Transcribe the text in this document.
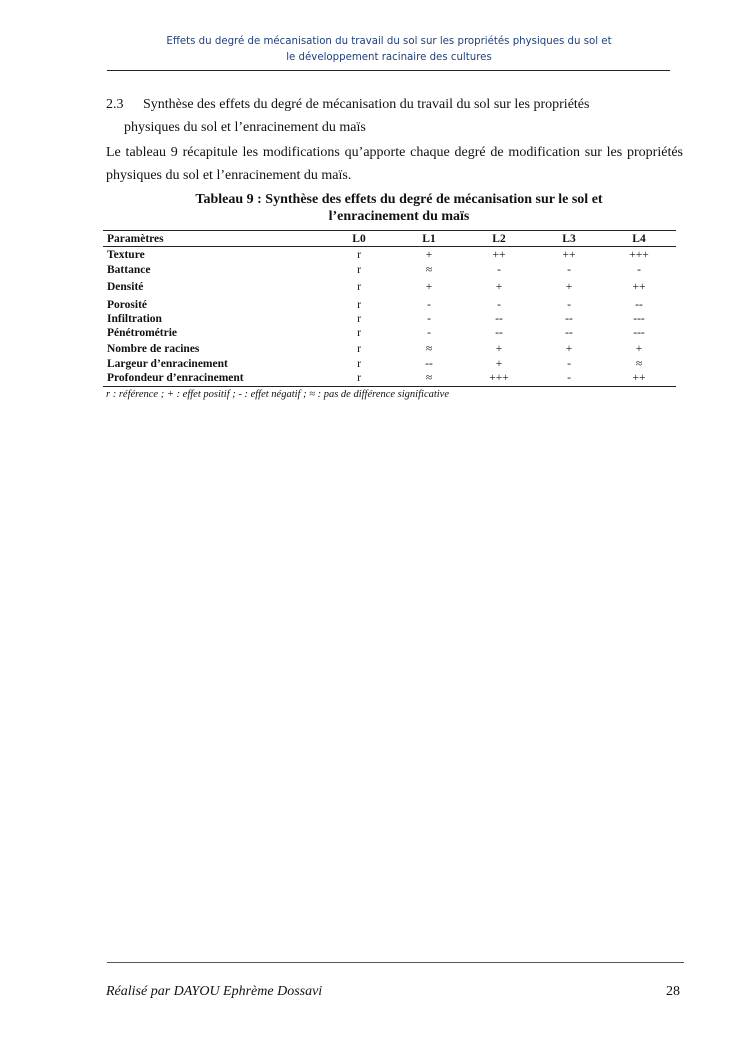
Effets du degré de mécanisation du travail du sol sur les propriétés physiques du sol et
le développement racinaire des cultures
2.3 Synthèse des effets du degré de mécanisation du travail du sol sur les propriétés
physiques du sol et l’enracinement du maïs
Le tableau 9 récapitule les modifications qu’apporte chaque degré de modification sur les propriétés physiques du sol et l’enracinement du maïs.
Tableau 9 : Synthèse des effets du degré de mécanisation sur le sol et
l’enracinement du maïs
Paramètres	L0	L1	L2	L3	L4
Texture	r	+	++	++	+++
Battance	r	≈	-	-	-
Densité	r	+	+	+	++
Porosité	r	-	-	-	--
Infiltration	r	-	--	--	---
Pénétrométrie	r	-	--	--	---
Nombre de racines	r	≈	+	+	+
Largeur d’enracinement	r	--	+	-	≈
Profondeur d’enracinement	r	≈	+++	-	++
r : référence ; + : effet positif ; - : effet négatif ; ≈ : pas de différence significative
Réalisé par DAYOU Ephrème Dossavi	28
